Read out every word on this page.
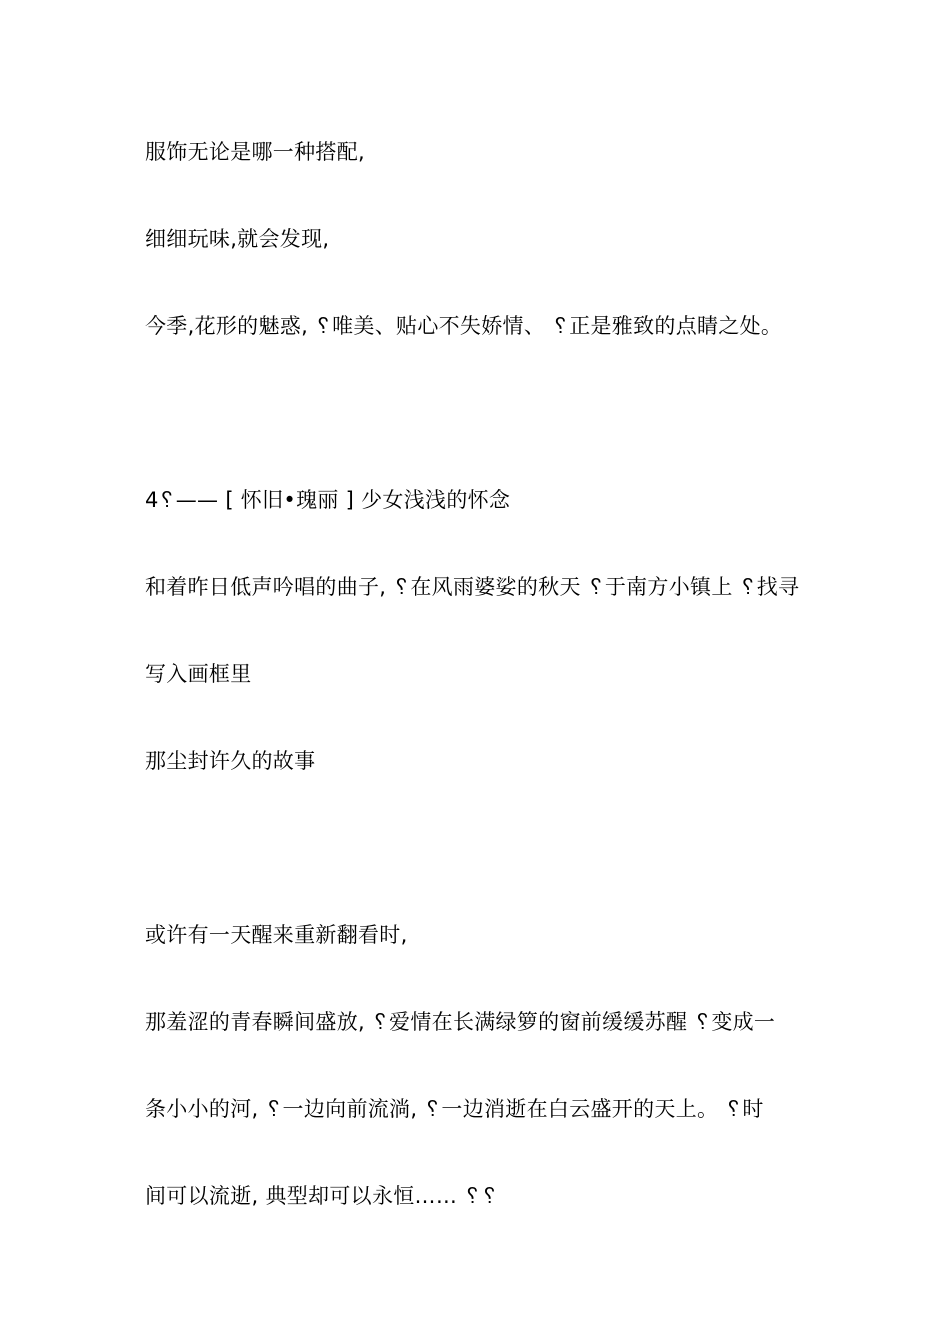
服饰无论是哪一种搭配,
细细玩味,就会发现,
今季,花形的魅惑, ␦唯美、贴心不失娇情、 ␦正是雅致的点睛之处。
4␦—— [ 怀旧•瑰丽 ] 少女浅浅的怀念
和着昨日低声吟唱的曲子, ␦在风雨婆娑的秋天 ␦于南方小镇上 ␦找寻
写入画框里
那尘封许久的故事
或许有一天醒来重新翻看时,
那羞涩的青春瞬间盛放, ␦爱情在长满绿箩的窗前缓缓苏醒 ␦变成一
条小小的河, ␦一边向前流淌, ␦一边消逝在白云盛开的天上。 ␦时
间可以流逝, 典型却可以永恒…… ␦␦
